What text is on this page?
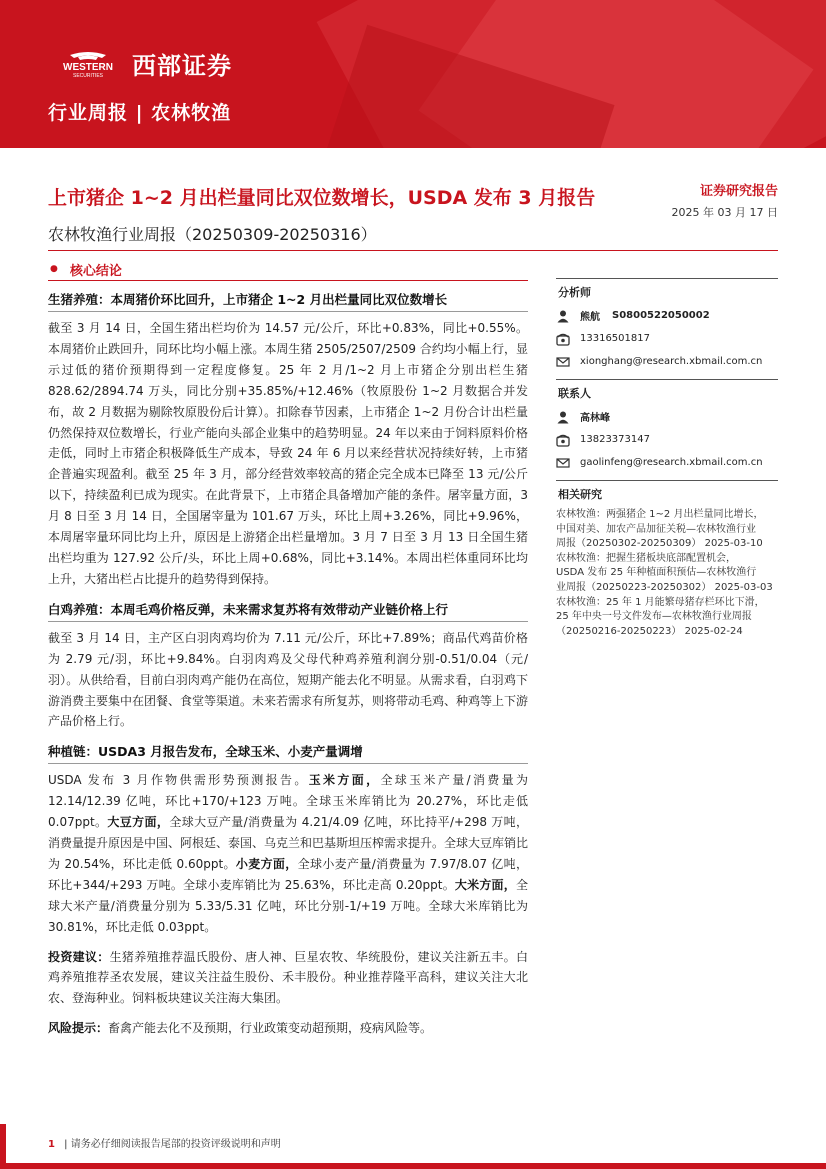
WESTERN
SECURITIES 西部证券
行业周报 | 农林牧渔
上市猪企 1~2 月出栏量同比双位数增长，USDA 发布 3 月报告	证券研究报告
2025 年 03 月 17 日
农林牧渔行业周报（20250309-20250316）
● 核心结论
生猪养殖：本周猪价环比回升，上市猪企 1~2 月出栏量同比双位数增长

截至 3 月 14 日，全国生猪出栏均价为 14.57 元/公斤，环比+0.83%，同比+0.55%。本周猪价止跌回升，同环比均小幅上涨。本周生猪 2505/2507/2509 合约均小幅上行，显示过低的猪价预期得到一定程度修复。25 年 2 月/1~2 月上市猪企分别出栏生猪 828.62/2894.74 万头，同比分别+35.85%/+12.46%（牧原股份 1~2 月数据合并发布，故 2 月数据为剔除牧原股份后计算）。扣除春节因素，上市猪企 1~2 月份合计出栏量仍然保持双位数增长，行业产能向头部企业集中的趋势明显。24 年以来由于饲料原料价格走低，同时上市猪企积极降低生产成本，导致 24 年 6 月以来经营状况持续好转，上市猪企普遍实现盈利。截至 25 年 3 月，部分经营效率较高的猪企完全成本已降至 13 元/公斤以下，持续盈利已成为现实。在此背景下，上市猪企具备增加产能的条件。屠宰量方面，3 月 8 日至 3 月 14 日，全国屠宰量为 101.67 万头，环比上周+3.26%，同比+9.96%，本周屠宰量环同比均上升，原因是上游猪企出栏量增加。3 月 7 日至 3 月 13 日全国生猪出栏均重为 127.92 公斤/头，环比上周+0.68%，同比+3.14%。本周出栏体重同环比均上升，大猪出栏占比提升的趋势得到保持。

白鸡养殖：本周毛鸡价格反弹，未来需求复苏将有效带动产业链价格上行

截至 3 月 14 日，主产区白羽肉鸡均价为 7.11 元/公斤，环比+7.89%；商品代鸡苗价格为 2.79 元/羽，环比+9.84%。白羽肉鸡及父母代种鸡养殖利润分别-0.51/0.04（元/羽）。从供给看，目前白羽肉鸡产能仍在高位，短期产能去化不明显。从需求看，白羽鸡下游消费主要集中在团餐、食堂等渠道。未来若需求有所复苏，则将带动毛鸡、种鸡等上下游产品价格上行。

种植链：USDA3 月报告发布，全球玉米、小麦产量调增

USDA 发布 3 月作物供需形势预测报告。玉米方面，全球玉米产量/消费量为 12.14/12.39 亿吨，环比+170/+123 万吨。全球玉米库销比为 20.27%，环比走低 0.07ppt。大豆方面，全球大豆产量/消费量为 4.21/4.09 亿吨，环比持平/+298 万吨，消费量提升原因是中国、阿根廷、泰国、乌克兰和巴基斯坦压榨需求提升。全球大豆库销比为 20.54%，环比走低 0.60ppt。小麦方面，全球小麦产量/消费量为 7.97/8.07 亿吨，环比+344/+293 万吨。全球小麦库销比为 25.63%，环比走高 0.20ppt。大米方面，全球大米产量/消费量分别为 5.33/5.31 亿吨，环比分别-1/+19 万吨。全球大米库销比为 30.81%，环比走低 0.03ppt。

投资建议：生猪养殖推荐温氏股份、唐人神、巨星农牧、华统股份，建议关注新五丰。白鸡养殖推荐圣农发展，建议关注益生股份、禾丰股份。种业推荐隆平高科，建议关注大北农、登海种业。饲料板块建议关注海大集团。

风险提示：畜禽产能去化不及预期，行业政策变动超预期，疫病风险等。

分析师
熊航 S0800522050002
13316501817
xionghang@research.xbmail.com.cn
联系人
高林峰
13823373147
gaolinfeng@research.xbmail.com.cn
相关研究
农林牧渔：两强猪企 1~2 月出栏量同比增长，
中国对美、加农产品加征关税—农林牧渔行业
周报（20250302-20250309） 2025-03-10
农林牧渔：把握生猪板块底部配置机会，
USDA 发布 25 年种植面积预估—农林牧渔行
业周报（20250223-20250302） 2025-03-03
农林牧渔：25 年 1 月能繁母猪存栏环比下滑，
25 年中央一号文件发布—农林牧渔行业周报
（20250216-20250223） 2025-02-24
1 | 请务必仔细阅读报告尾部的投资评级说明和声明
